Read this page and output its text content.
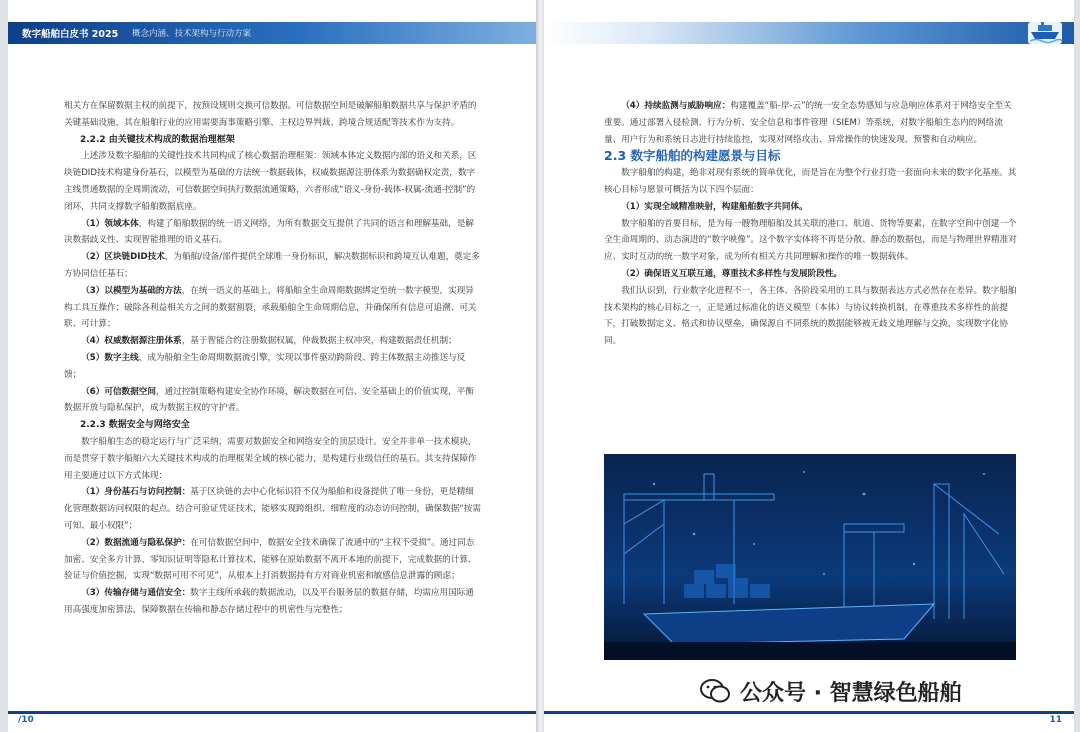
数字船舶白皮书 2025 概念内涵、技术架构与行动方案

相关方在保留数据主权的前提下，按预设规则交换可信数据。可信数据空间是破解船舶数据共享与保护矛盾的关键基础设施，其在船舶行业的应用需要海事策略引擎、主权边界判裁、跨境合规适配等技术作为支持。

2.2.2 由关键技术构成的数据治理框架

上述涉及数字船舶的关键性技术共同构成了核心数据治理框架：领域本体定义数据内部的语义和关系，区块链DID技术构建身份基石，以模型为基础的方法统一数据载体，权威数据源注册体系为数据确权定责，数字主线贯通数据的全周期流动，可信数据空间执行数据流通策略，六者形成“语义-身份-载体-权属-流通-控制”的闭环，共同支撑数字船舶数据底座。

（1）领域本体，构建了船舶数据的统一语义网络，为所有数据交互提供了共同的语言和理解基础，是解决数据歧义性、实现智能推理的语义基石。

（2）区块链DID技术，为船舶/设备/部件提供全球唯一身份标识，解决数据标识和跨境互认难题，奠定多方协同信任基石；

（3）以模型为基础的方法，在统一语义的基础上，将船舶全生命周期数据绑定至统一数字模型，实现异构工具互操作；破除各利益相关方之间的数据割裂，承载船舶全生命周期信息，并确保所有信息可追溯、可关联、可计算；

（4）权威数据源注册体系，基于智能合约注册数据权属，仲裁数据主权冲突，构建数据责任机制；

（5）数字主线，成为船舶全生命周期数据流引擎，实现以事件驱动跨阶段、跨主体数据主动推送与反馈；

（6）可信数据空间，通过控制策略构建安全协作环境，解决数据在可信、安全基础上的价值实现，平衡数据开放与隐私保护，成为数据主权的守护者。

2.2.3 数据安全与网络安全

数字船舶生态的稳定运行与广泛采纳，需要对数据安全和网络安全的顶层设计。安全并非单一技术模块，而是贯穿于数字船舶六大关键技术构成的治理框架全域的核心能力，是构建行业级信任的基石。其支持保障作用主要通过以下方式体现：

（1）身份基石与访问控制：基于区块链的去中心化标识符不仅为船舶和设备提供了唯一身份，更是精细化管理数据访问权限的起点。结合可验证凭证技术，能够实现跨组织、细粒度的动态访问控制，确保数据“按需可知、最小权限”；

（2）数据流通与隐私保护：在可信数据空间中，数据安全技术确保了流通中的“主权不受损”。通过同态加密、安全多方计算、零知识证明等隐私计算技术，能够在原始数据不离开本地的前提下，完成数据的计算、验证与价值挖掘，实现“数据可用不可见”，从根本上打消数据持有方对商业机密和敏感信息泄露的顾虑；

（3）传输存储与通信安全：数字主线所承载的数据流动，以及平台服务层的数据存储，均需应用国际通用高强度加密算法，保障数据在传输和静态存储过程中的机密性与完整性；

/10

（4）持续监测与威胁响应：构建覆盖“船-岸-云”的统一安全态势感知与应急响应体系对于网络安全至关重要。通过部署入侵检测、行为分析、安全信息和事件管理（SIEM）等系统，对数字船舶生态内的网络流量、用户行为和系统日志进行持续监控，实现对网络攻击、异常操作的快速发现、预警和自动响应。

2.3 数字船舶的构建愿景与目标

数字船舶的构建，绝非对现有系统的简单优化，而是旨在为整个行业打造一套面向未来的数字化基座。其核心目标与愿景可概括为以下四个层面：

（1）实现全域精准映射，构建船舶数字共同体。

数字船舶的首要目标，是为每一艘物理船舶及其关联的港口、航道、货物等要素，在数字空间中创建一个全生命周期的、动态演进的“数字映像”。这个数字实体将不再是分散、静态的数据包，而是与物理世界精准对应、实时互动的统一数字对象，成为所有相关方共同理解和操作的唯一数据载体。

（2）确保语义互联互通，尊重技术多样性与发展阶段性。

我们认识到，行业数字化进程不一，各主体、各阶段采用的工具与数据表达方式必然存在差异。数字船舶技术架构的核心目标之一，正是通过标准化的语义模型（本体）与协议转换机制，在尊重技术多样性的前提下，打破数据定义、格式和协议壁垒，确保源自不同系统的数据能够被无歧义地理解与交换，实现数字化协同。

11
公众号 · 智慧绿色船舶
